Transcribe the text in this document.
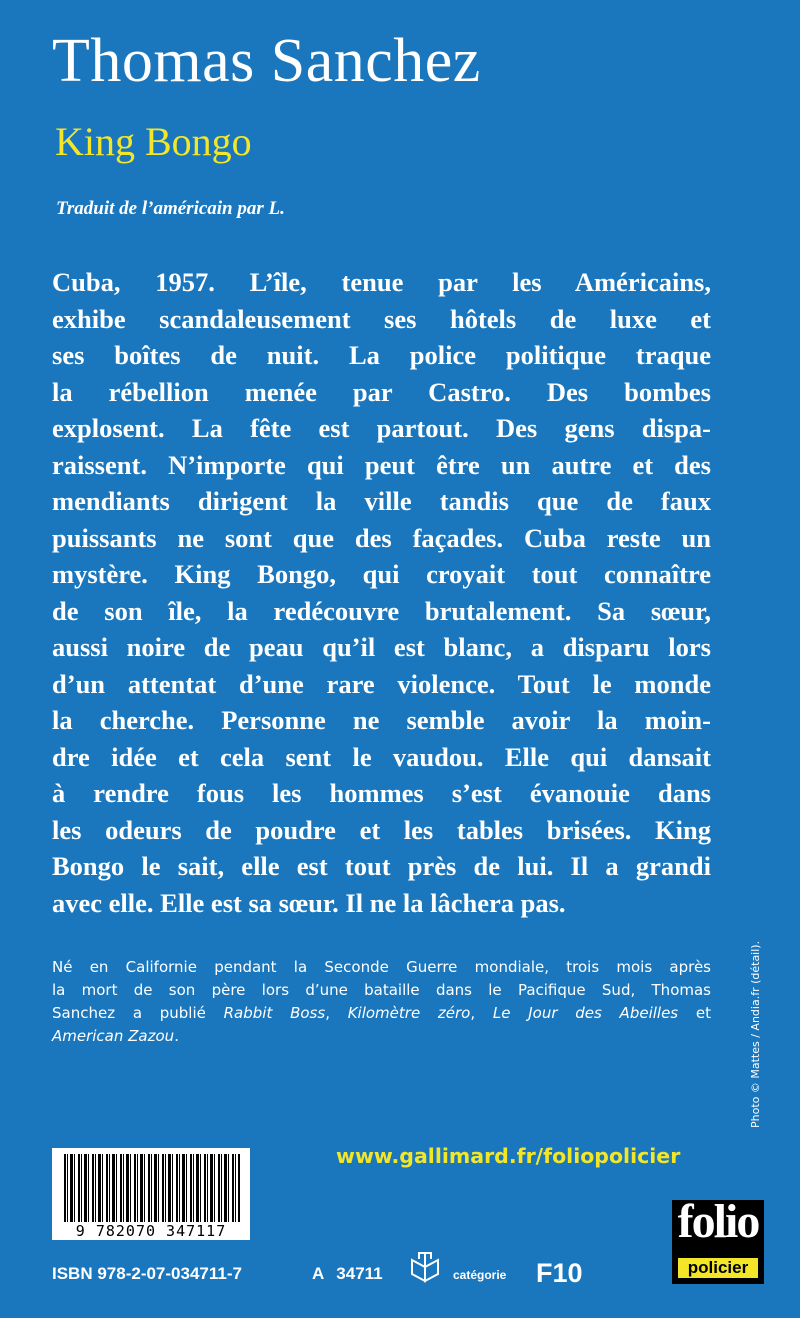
Thomas Sanchez
King Bongo
Traduit de l’américain par L.
Cuba, 1957. L’île, tenue par les Américains,
exhibe scandaleusement ses hôtels de luxe et
ses boîtes de nuit. La police politique traque
la rébellion menée par Castro. Des bombes
explosent. La fête est partout. Des gens dispa-
raissent. N’importe qui peut être un autre et des
mendiants dirigent la ville tandis que de faux
puissants ne sont que des façades. Cuba reste un
mystère. King Bongo, qui croyait tout connaître
de son île, la redécouvre brutalement. Sa sœur,
aussi noire de peau qu’il est blanc, a disparu lors
d’un attentat d’une rare violence. Tout le monde
la cherche. Personne ne semble avoir la moin-
dre idée et cela sent le vaudou. Elle qui dansait
à rendre fous les hommes s’est évanouie dans
les odeurs de poudre et les tables brisées. King
Bongo le sait, elle est tout près de lui. Il a grandi
avec elle. Elle est sa sœur. Il ne la lâchera pas.
Né en Californie pendant la Seconde Guerre mondiale, trois mois après
la mort de son père lors d’une bataille dans le Pacifique Sud, Thomas
Sanchez a publié Rabbit Boss, Kilomètre zéro, Le Jour des Abeilles et
American Zazou.	Photo © Mattes / Andia.fr (détail).
9 782070 347117
www.gallimard.fr/foliopolicier
ISBN 978-2-07-034711-7	A 34711	catégorie F10
folio
policier
